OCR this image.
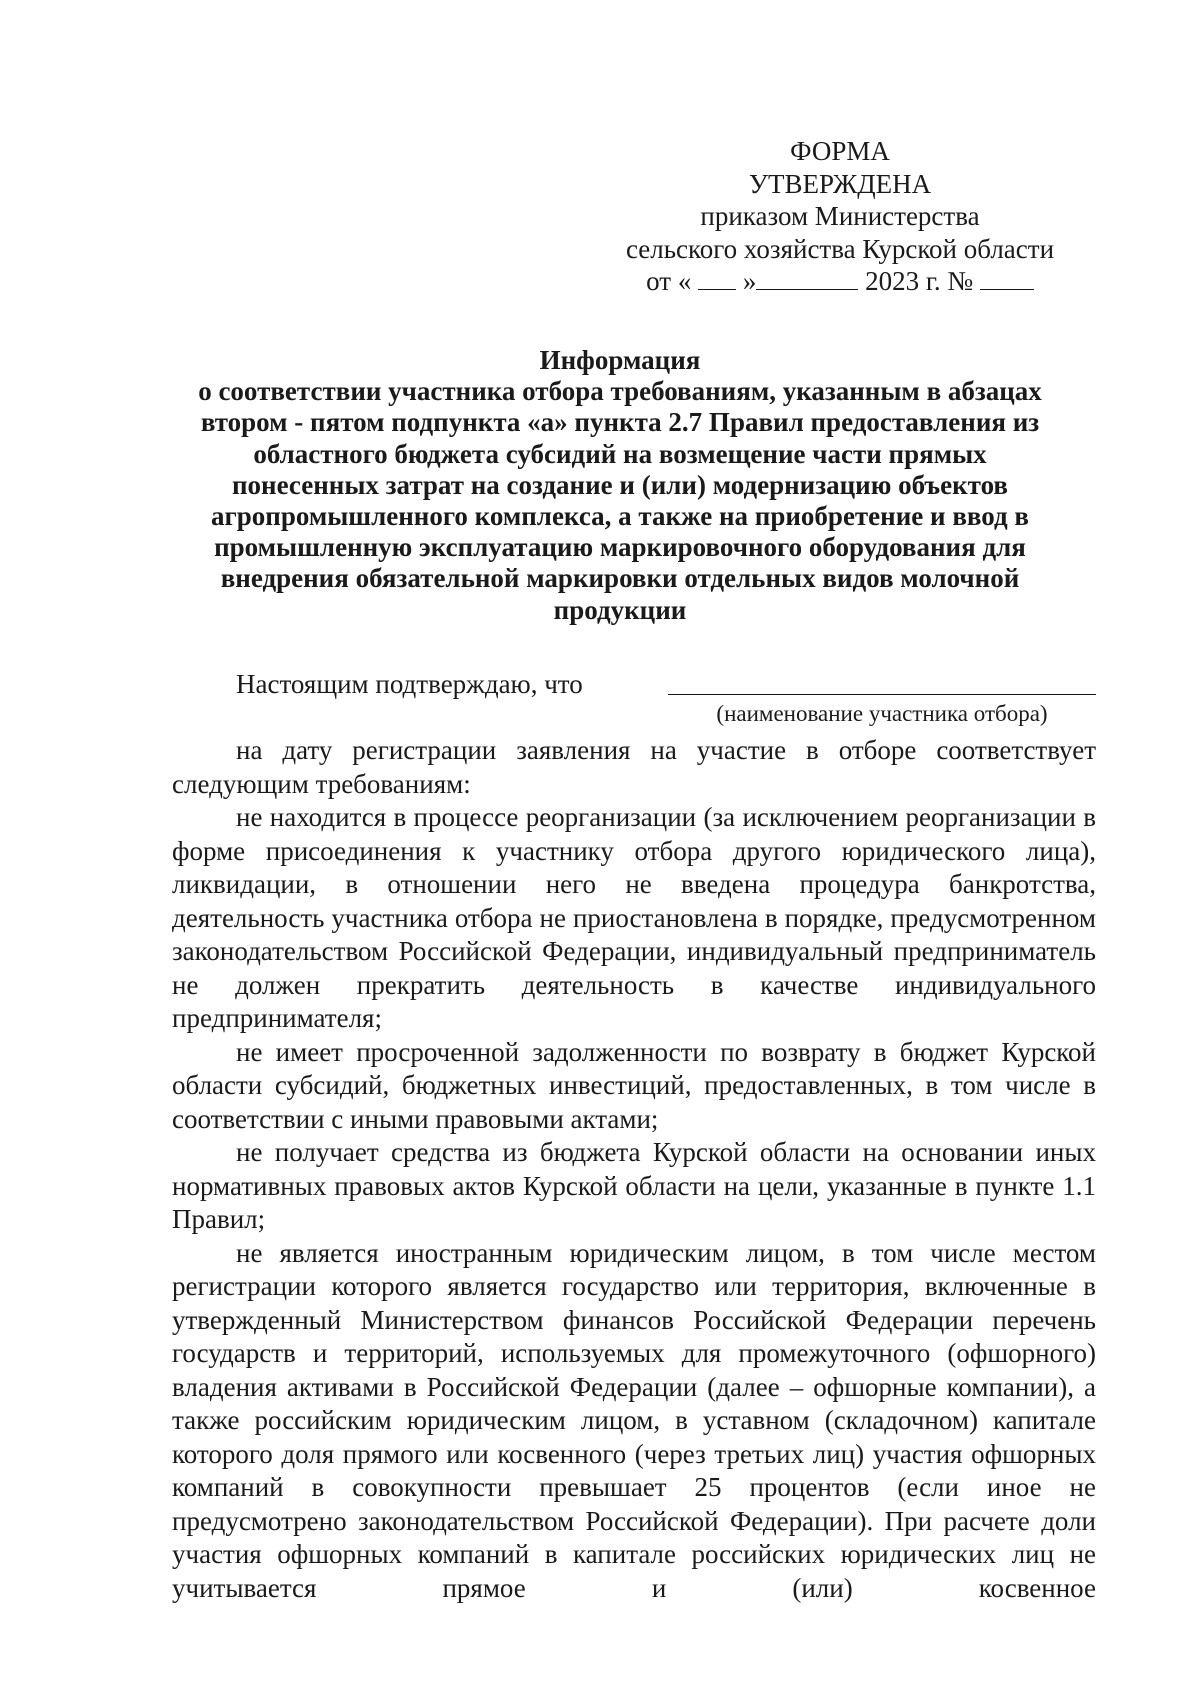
ФОРМА
УТВЕРЖДЕНА
приказом Министерства
сельского хозяйства Курской области
от « »	2023 г. №
Информация
о соответствии участника отбора требованиям, указанным в абзацах
втором - пятом подпункта «а» пункта 2.7 Правил предоставления из
областного бюджета субсидий на возмещение части прямых
понесенных затрат на создание и (или) модернизацию объектов
агропромышленного комплекса, а также на приобретение и ввод в
промышленную эксплуатацию маркировочного оборудования для
внедрения обязательной маркировки отдельных видов молочной
продукции
Настоящим подтверждаю, что
(наименование участника отбора)

на дату регистрации заявления на участие в отборе соответствует следующим требованиям:

не находится в процессе реорганизации (за исключением реорганизации в форме присоединения к участнику отбора другого юридического лица), ликвидации, в отношении него не введена процедура банкротства, деятельность участника отбора не приостановлена в порядке, предусмотренном законодательством Российской Федерации, индивидуальный предприниматель не должен прекратить деятельность в качестве индивидуального предпринимателя;

не имеет просроченной задолженности по возврату в бюджет Курской области субсидий, бюджетных инвестиций, предоставленных, в том числе в соответствии с иными правовыми актами;

не получает средства из бюджета Курской области на основании иных нормативных правовых актов Курской области на цели, указанные в пункте 1.1 Правил;

не является иностранным юридическим лицом, в том числе местом регистрации которого является государство или территория, включенные в утвержденный Министерством финансов Российской Федерации перечень государств и территорий, используемых для промежуточного (офшорного) владения активами в Российской Федерации (далее – офшорные компании), а также российским юридическим лицом, в уставном (складочном) капитале которого доля прямого или косвенного (через третьих лиц) участия офшорных компаний в совокупности превышает 25 процентов (если иное не предусмотрено законодательством Российской Федерации). При расчете доли участия офшорных компаний в капитале российских юридических лиц не учитывается прямое и (или) косвенное
